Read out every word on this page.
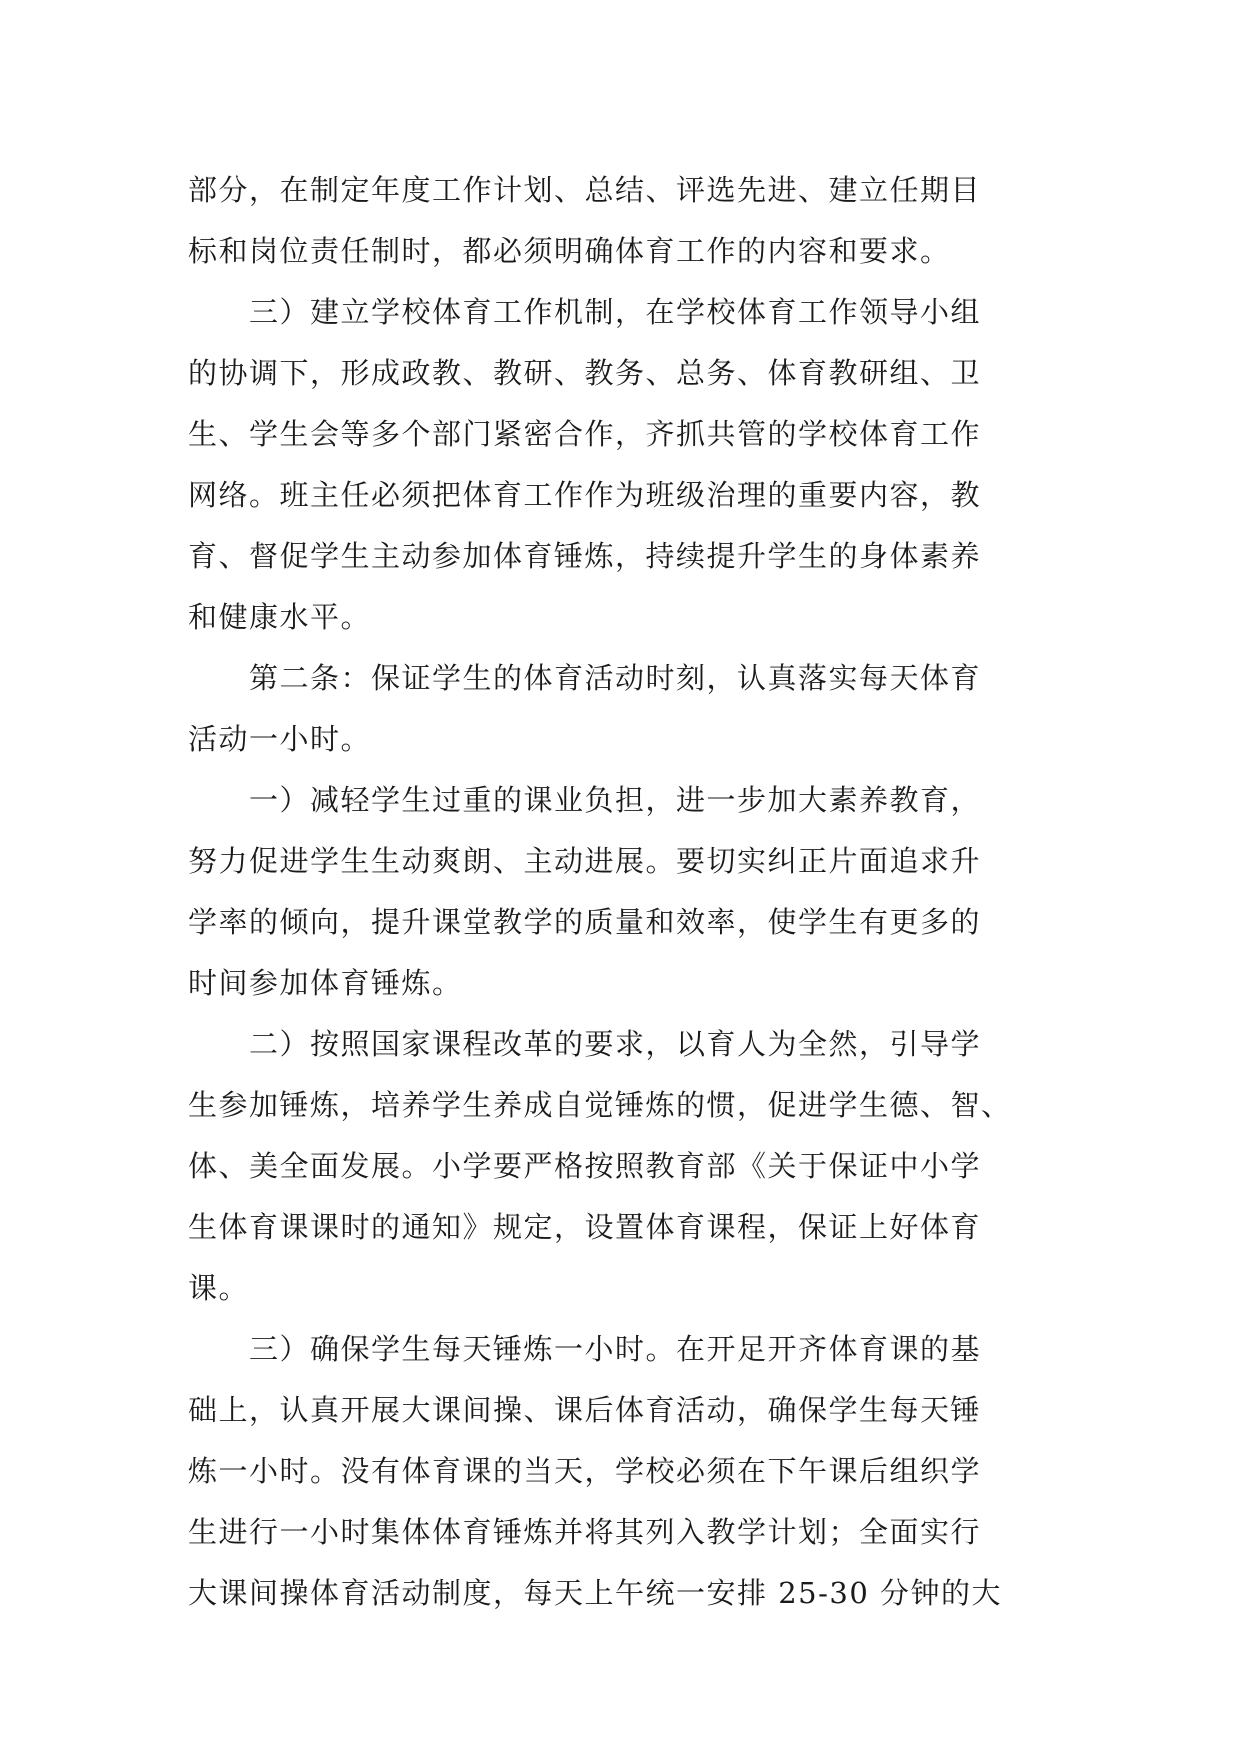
部分，在制定年度工作计划、总结、评选先进、建立任期目
标和岗位责任制时，都必须明确体育工作的内容和要求。
　　三）建立学校体育工作机制，在学校体育工作领导小组
的协调下，形成政教、教研、教务、总务、体育教研组、卫
生、学生会等多个部门紧密合作，齐抓共管的学校体育工作
网络。班主任必须把体育工作作为班级治理的重要内容，教
育、督促学生主动参加体育锤炼，持续提升学生的身体素养
和健康水平。
　　第二条：保证学生的体育活动时刻，认真落实每天体育
活动一小时。
　　一）减轻学生过重的课业负担，进一步加大素养教育，
努力促进学生生动爽朗、主动进展。要切实纠正片面追求升
学率的倾向，提升课堂教学的质量和效率，使学生有更多的
时间参加体育锤炼。
　　二）按照国家课程改革的要求，以育人为全然，引导学
生参加锤炼，培养学生养成自觉锤炼的惯，促进学生德、智、
体、美全面发展。小学要严格按照教育部《关于保证中小学
生体育课课时的通知》规定，设置体育课程，保证上好体育
课。
　　三）确保学生每天锤炼一小时。在开足开齐体育课的基
础上，认真开展大课间操、课后体育活动，确保学生每天锤
炼一小时。没有体育课的当天，学校必须在下午课后组织学
生进行一小时集体体育锤炼并将其列入教学计划；全面实行
大课间操体育活动制度，每天上午统一安排 25-30 分钟的大
